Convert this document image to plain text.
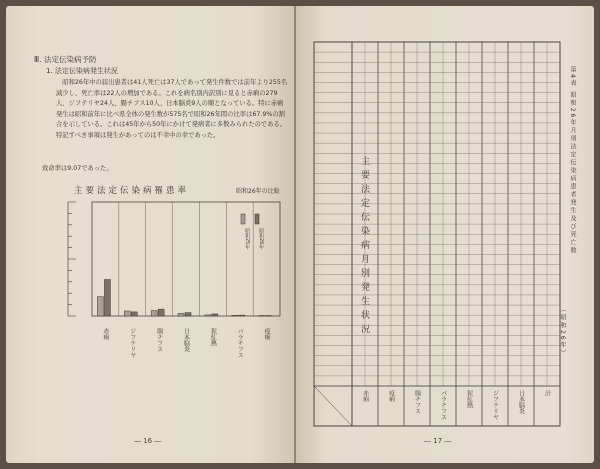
Ⅲ. 法定伝染病予防
1. 法定伝染病発生状況
　昭和26年中の届出患者は41人死亡は37人であって発生件数では前年より255名減少し、死亡率は22人の増加である。これを病名別内訳別に見ると赤痢の279人、ジフテリヤ24人、腸チフス10人、日本脳炎9人の順となっている。特に赤痢発生は昭和前年に比べ県全体の発生数が575名で昭和26年間の比率は67.9%の割合を示している。これは45年から50年にかけて発病者に多数みられたのである。特記すべき事項は発生があってのは不幸中の幸であった。
致命率は9.07であった。
主要法定伝染病罹患率	昭和26年の比較
赤痢	ジフテリヤ	腸チフス	日本脳炎	猩紅熱	パラチフス	疫痢
昭和25年 昭和26年
― 16 ―
主要法定伝染病月別発生状況	第4表 昭和26年月別法定伝染病患者発生及び死亡数
（昭和26年）
赤痢	疫痢	腸チフス	パラチフス	猩紅熱	ジフテリヤ	日本脳炎	計
― 17 ―
